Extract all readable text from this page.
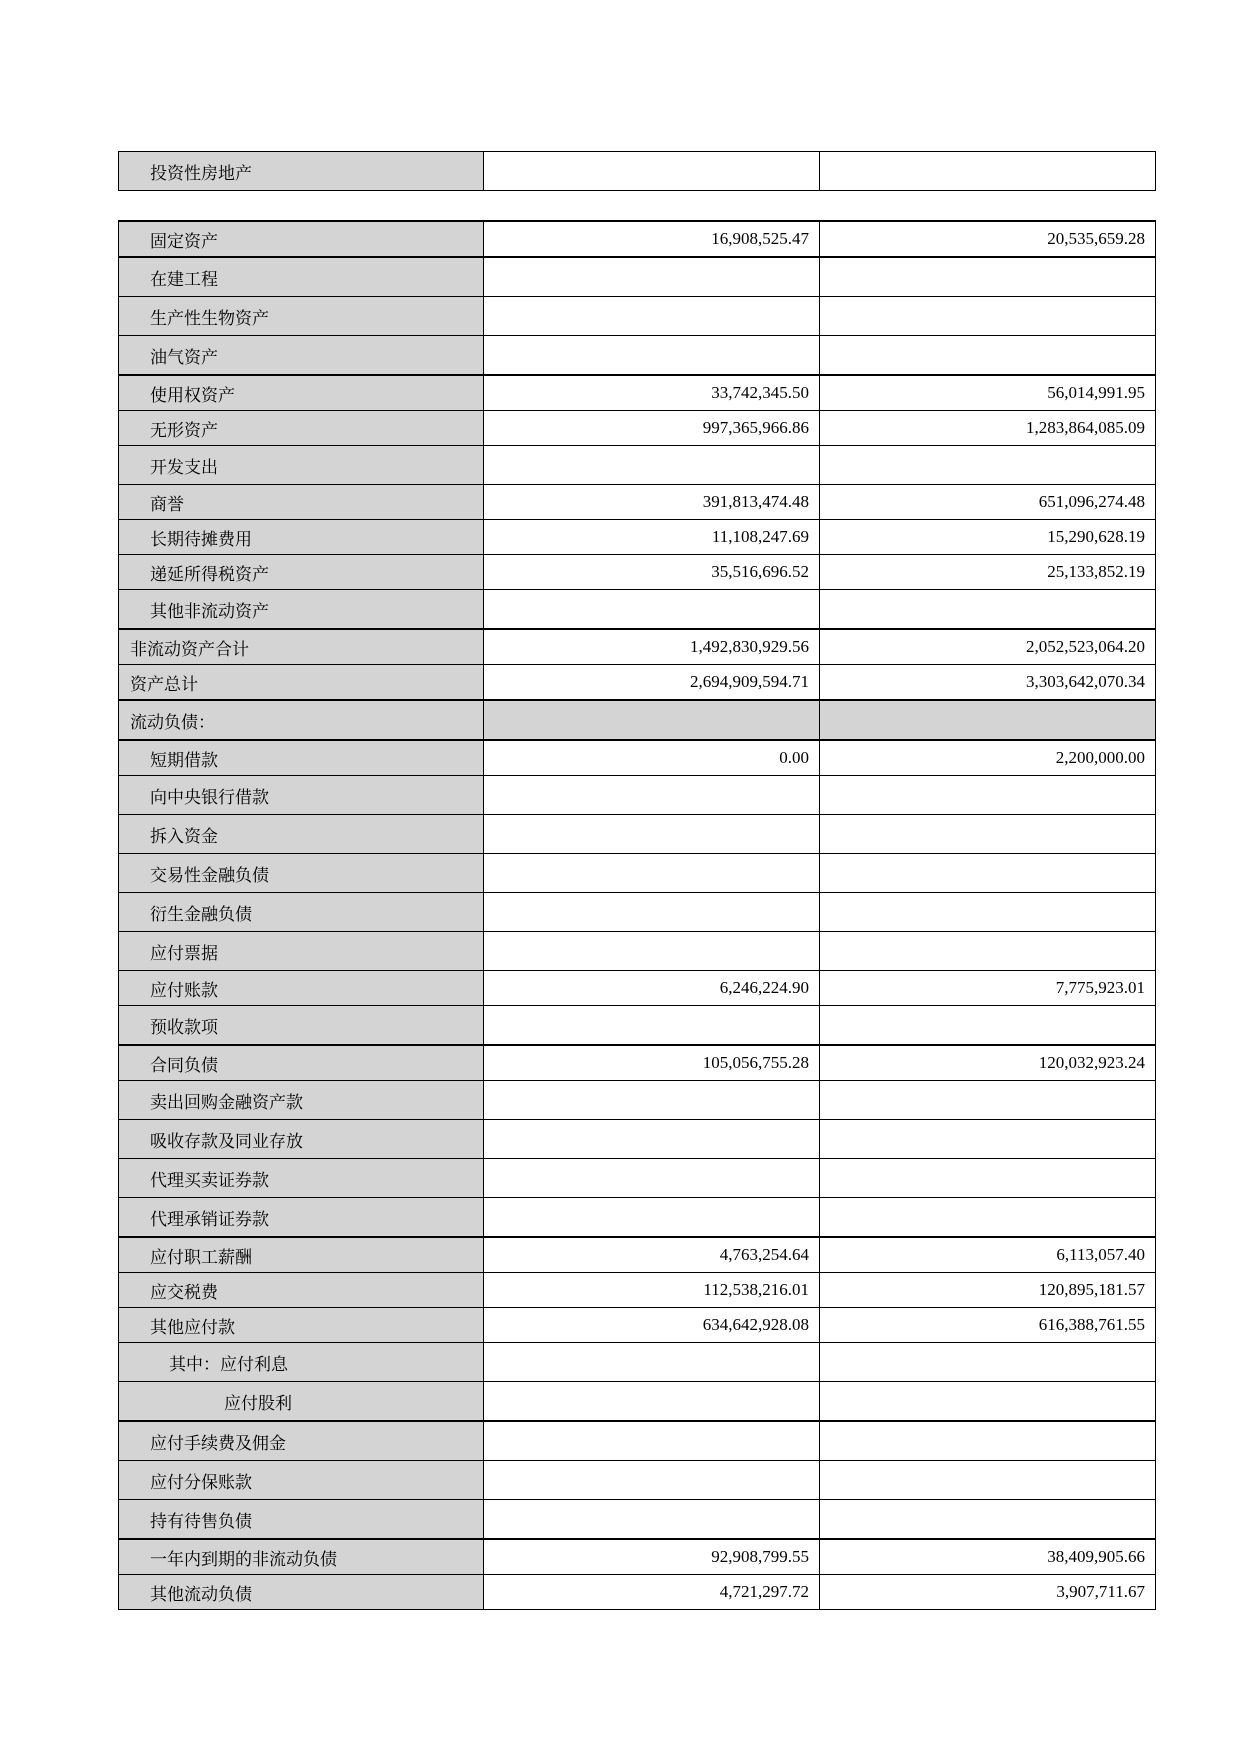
投资性房地产		
固定资产	16,908,525.47	20,535,659.28
在建工程		
生产性生物资产		
油气资产		
使用权资产	33,742,345.50	56,014,991.95
无形资产	997,365,966.86	1,283,864,085.09
开发支出		
商誉	391,813,474.48	651,096,274.48
长期待摊费用	11,108,247.69	15,290,628.19
递延所得税资产	35,516,696.52	25,133,852.19
其他非流动资产		
非流动资产合计	1,492,830,929.56	2,052,523,064.20
资产总计	2,694,909,594.71	3,303,642,070.34
流动负债：		
短期借款	0.00	2,200,000.00
向中央银行借款		
拆入资金		
交易性金融负债		
衍生金融负债		
应付票据		
应付账款	6,246,224.90	7,775,923.01
预收款项		
合同负债	105,056,755.28	120,032,923.24
卖出回购金融资产款		
吸收存款及同业存放		
代理买卖证券款		
代理承销证券款		
应付职工薪酬	4,763,254.64	6,113,057.40
应交税费	112,538,216.01	120,895,181.57
其他应付款	634,642,928.08	616,388,761.55
其中：应付利息		
应付股利		
应付手续费及佣金		
应付分保账款		
持有待售负债		
一年内到期的非流动负债	92,908,799.55	38,409,905.66
其他流动负债	4,721,297.72	3,907,711.67
